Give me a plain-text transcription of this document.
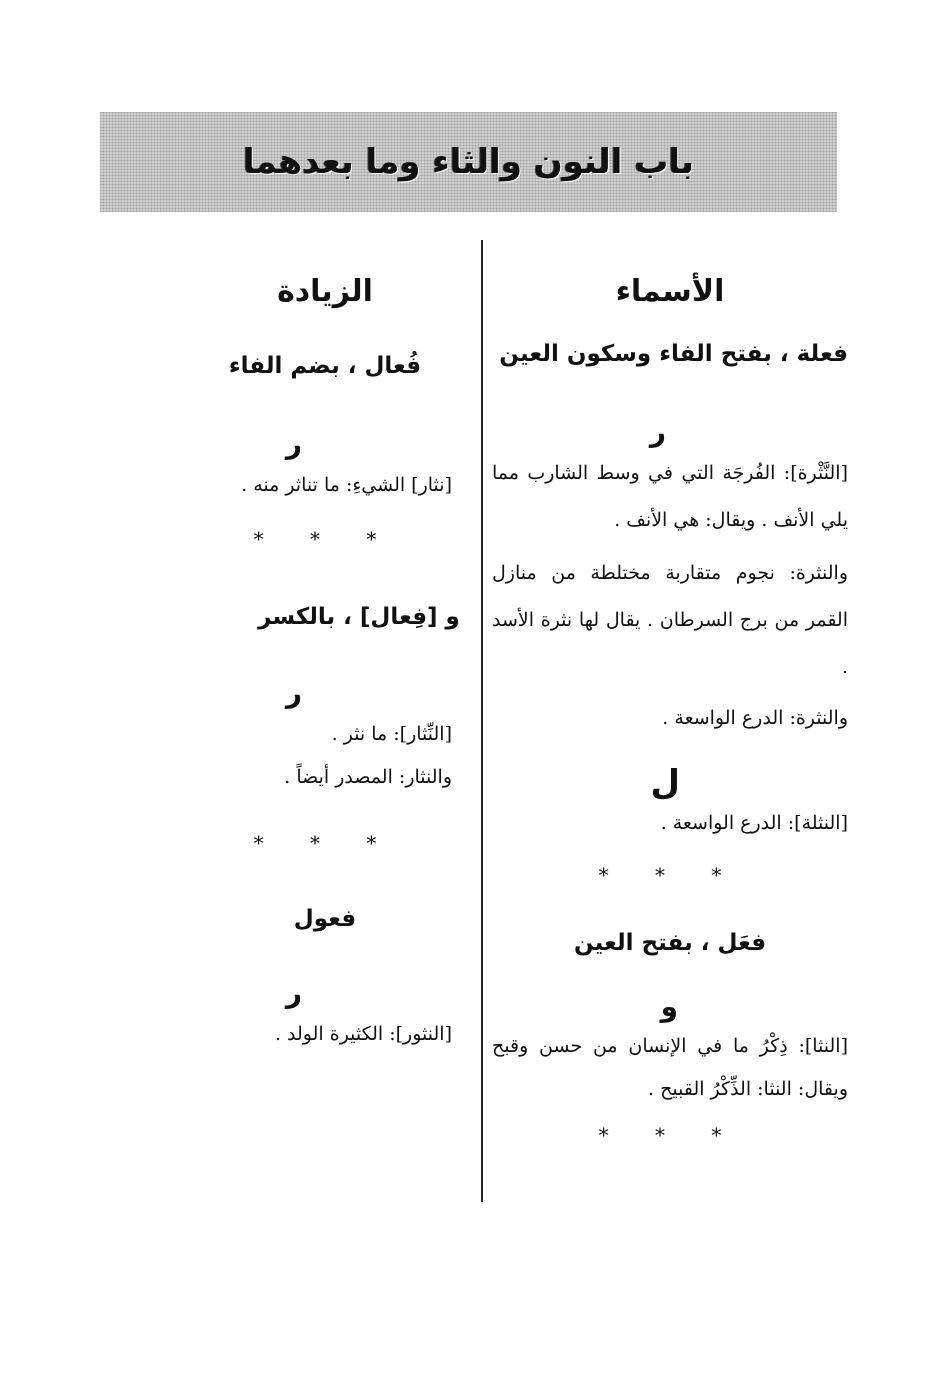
باب النون والثاء وما بعدهما

الأسماء

فعلة ، بفتح الفاء وسكون العين

ر

[النَّثْرة]: الفُرجَة التي في وسط الشارب مما يلي الأنف . ويقال: هي الأنف .

والنثرة: نجوم متقاربة مختلطة من منازل القمر من برج السرطان . يقال لها نثرة الأسد .

والنثرة: الدرع الواسعة .

ل

[النثلة]: الدرع الواسعة .

* * *

فعَل ، بفتح العين

و

[النثا]: ذِكْرُ ما في الإنسان من حسن وقبح ويقال: النثا: الذِّكْرُ القبيح .

* * *

الزيادة

فُعال ، بضم الفاء

ر

[نثار] الشيءِ: ما تناثر منه .

* * *

و [فِعال] ، بالكسر

ر

[النِّثار]: ما نثر .

والنثار: المصدر أيضاً .

* * *

فعول

ر

[النثور]: الكثيرة الولد .
